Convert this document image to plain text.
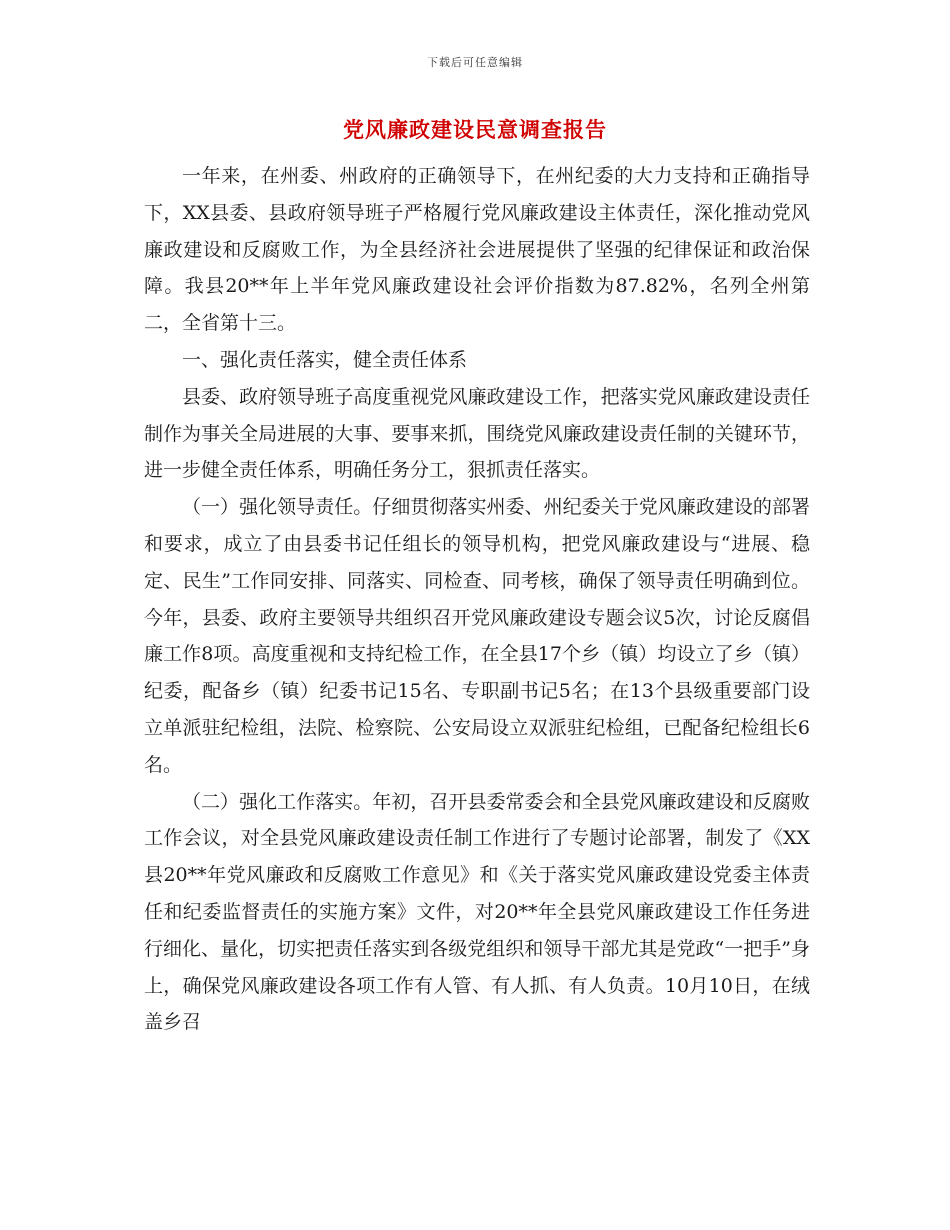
下载后可任意编辑
党风廉政建设民意调查报告

一年来，在州委、州政府的正确领导下，在州纪委的大力支持和正确指导下，XX县委、县政府领导班子严格履行党风廉政建设主体责任，深化推动党风廉政建设和反腐败工作，为全县经济社会进展提供了坚强的纪律保证和政治保障。我县20**年上半年党风廉政建设社会评价指数为87.82%，名列全州第二，全省第十三。

一、强化责任落实，健全责任体系

县委、政府领导班子高度重视党风廉政建设工作，把落实党风廉政建设责任制作为事关全局进展的大事、要事来抓，围绕党风廉政建设责任制的关键环节，进一步健全责任体系，明确任务分工，狠抓责任落实。

（一）强化领导责任。仔细贯彻落实州委、州纪委关于党风廉政建设的部署和要求，成立了由县委书记任组长的领导机构，把党风廉政建设与“进展、稳定、民生”工作同安排、同落实、同检查、同考核，确保了领导责任明确到位。今年，县委、政府主要领导共组织召开党风廉政建设专题会议5次，讨论反腐倡廉工作8项。高度重视和支持纪检工作，在全县17个乡（镇）均设立了乡（镇）纪委，配备乡（镇）纪委书记15名、专职副书记5名；在13个县级重要部门设立单派驻纪检组，法院、检察院、公安局设立双派驻纪检组，已配备纪检组长6名。

（二）强化工作落实。年初，召开县委常委会和全县党风廉政建设和反腐败工作会议，对全县党风廉政建设责任制工作进行了专题讨论部署，制发了《XX县20**年党风廉政和反腐败工作意见》和《关于落实党风廉政建设党委主体责任和纪委监督责任的实施方案》文件，对20**年全县党风廉政建设工作任务进行细化、量化，切实把责任落实到各级党组织和领导干部尤其是党政“一把手”身上，确保党风廉政建设各项工作有人管、有人抓、有人负责。10月10日，在绒盖乡召
